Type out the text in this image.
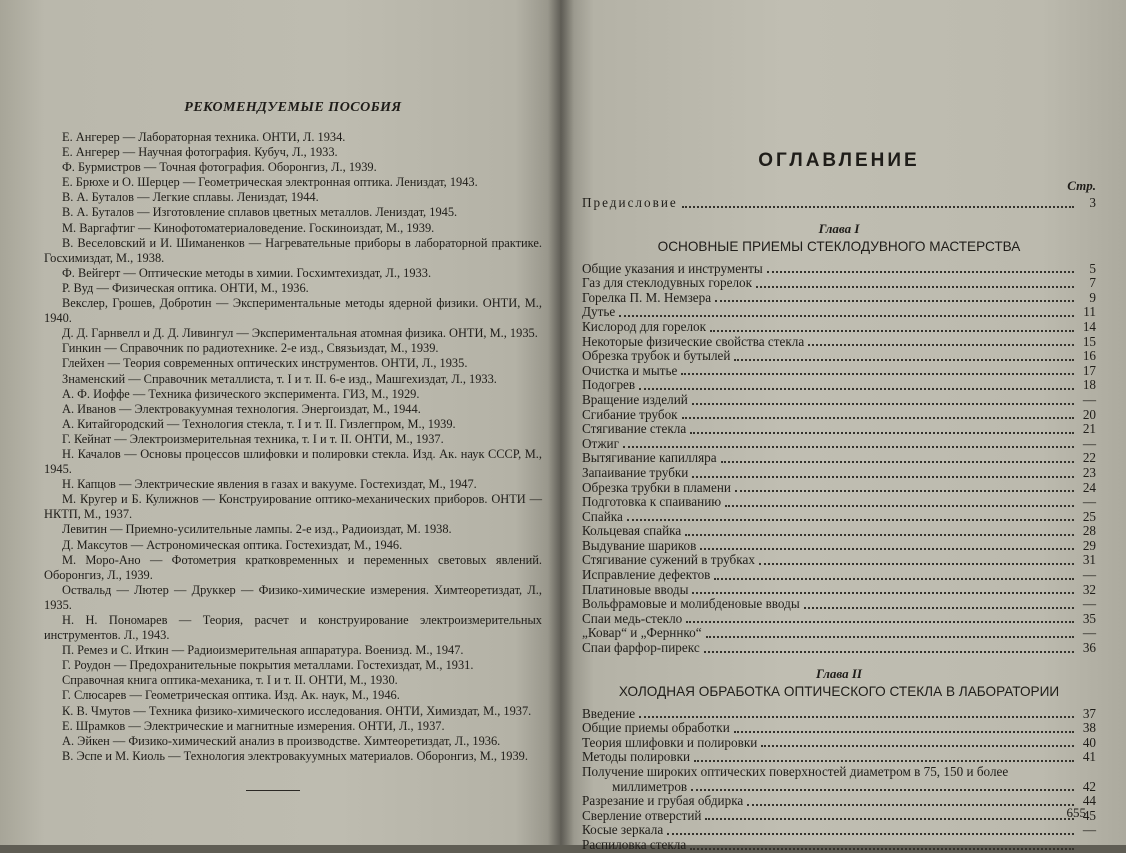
РЕКОМЕНДУЕМЫЕ ПОСОБИЯ

Е. Ангерер — Лабораторная техника. ОНТИ, Л. 1934.

Е. Ангерер — Научная фотография. Кубуч, Л., 1933.

Ф. Бурмистров — Точная фотография. Оборонгиз, Л., 1939.

Е. Брюхе и О. Шерцер — Геометрическая электронная оптика. Лениздат, 1943.

В. А. Буталов — Легкие сплавы. Лениздат, 1944.

В. А. Буталов — Изготовление сплавов цветных металлов. Лениздат, 1945.

М. Варгафтиг — Кинофотоматериаловедение. Госкиноиздат, М., 1939.

В. Веселовский и И. Шиманенков — Нагревательные приборы в лабораторной практике. Госхимиздат, М., 1938.

Ф. Вейгерт — Оптические методы в химии. Госхимтехиздат, Л., 1933.

Р. Вуд — Физическая оптика. ОНТИ, М., 1936.

Векслер, Грошев, Добротин — Экспериментальные методы ядерной физики. ОНТИ, М., 1940.

Д. Д. Гарнвелл и Д. Д. Ливингул — Экспериментальная атомная физика. ОНТИ, М., 1935.

Гинкин — Справочник по радиотехнике. 2-е изд., Связьиздат, М., 1939.

Глейхен — Теория современных оптических инструментов. ОНТИ, Л., 1935.

Знаменский — Справочник металлиста, т. I и т. II. 6-е изд., Машгехиздат, Л., 1933.

А. Ф. Иоффе — Техника физического эксперимента. ГИЗ, М., 1929.

А. Иванов — Электровакуумная технология. Энергоиздат, М., 1944.

А. Китайгородский — Технология стекла, т. I и т. II. Гизлегпром, М., 1939.

Г. Кейнат — Электроизмерительная техника, т. I и т. II. ОНТИ, М., 1937.

Н. Качалов — Основы процессов шлифовки и полировки стекла. Изд. Ак. наук СССР, М., 1945.

Н. Капцов — Электрические явления в газах и вакууме. Гостехиздат, М., 1947.

М. Кругер и Б. Кулижнов — Конструирование оптико-механических приборов. ОНТИ — НКТП, М., 1937.

Левитин — Приемно-усилительные лампы. 2-е изд., Радиоиздат, М. 1938.

Д. Максутов — Астрономическая оптика. Гостехиздат, М., 1946.

М. Моро-Ано — Фотометрия кратковременных и переменных световых явлений. Оборонгиз, Л., 1939.

Оствальд — Лютер — Друккер — Физико-химические измерения. Химтеоретиздат, Л., 1935.

Н. Н. Пономарев — Теория, расчет и конструирование электроизмерительных инструментов. Л., 1943.

П. Ремез и С. Иткин — Радиоизмерительная аппаратура. Военизд. М., 1947.

Г. Роудон — Предохранительные покрытия металлами. Гостехиздат, М., 1931.

Справочная книга оптика-механика, т. I и т. II. ОНТИ, М., 1930.

Г. Слюсарев — Геометрическая оптика. Изд. Ак. наук, М., 1946.

К. В. Чмутов — Техника физико-химического исследования. ОНТИ, Химиздат, М., 1937.

Е. Шрамков — Электрические и магнитные измерения. ОНТИ, Л., 1937.

А. Эйкен — Физико-химический анализ в производстве. Химтеоретиздат, Л., 1936.

В. Эспе и М. Киоль — Технология электровакуумных материалов. Оборонгиз, М., 1939.

ОГЛАВЛЕНИЕ
Стр.
Предисловие	3
Глава I
ОСНОВНЫЕ ПРИЕМЫ СТЕКЛОДУВНОГО МАСТЕРСТВА
Общие указания и инструменты	5
Газ для стеклодувных горелок	7
Горелка П. М. Немзера	9
Дутье	11
Кислород для горелок	14
Некоторые физические свойства стекла	15
Обрезка трубок и бутылей	16
Очистка и мытье	17
Подогрев	18
Вращение изделий	—
Сгибание трубок	20
Стягивание стекла	21
Отжиг	—
Вытягивание капилляра	22
Запаивание трубки	23
Обрезка трубки в пламени	24
Подготовка к спаиванию	—
Спайка	25
Кольцевая спайка	28
Выдувание шариков	29
Стягивание сужений в трубках	31
Исправление дефектов	—
Платиновые вводы	32
Вольфрамовые и молибденовые вводы	—
Спаи медь-стекло	35
„Ковар“ и „Ферннко“	—
Спаи фарфор-пирекс	36
Глава II
ХОЛОДНАЯ ОБРАБОТКА ОПТИЧЕСКОГО СТЕКЛА В ЛАБОРАТОРИИ
Введение	37
Общие приемы обработки	38
Теория шлифовки и полировки	40
Методы полировки	41
Получение широких оптических поверхностей диаметром в 75, 150 и более
миллиметров	42
Разрезание и грубая обдирка	44
Сверление отверстий	45
Косые зеркала	—
Распиловка стекла
655
